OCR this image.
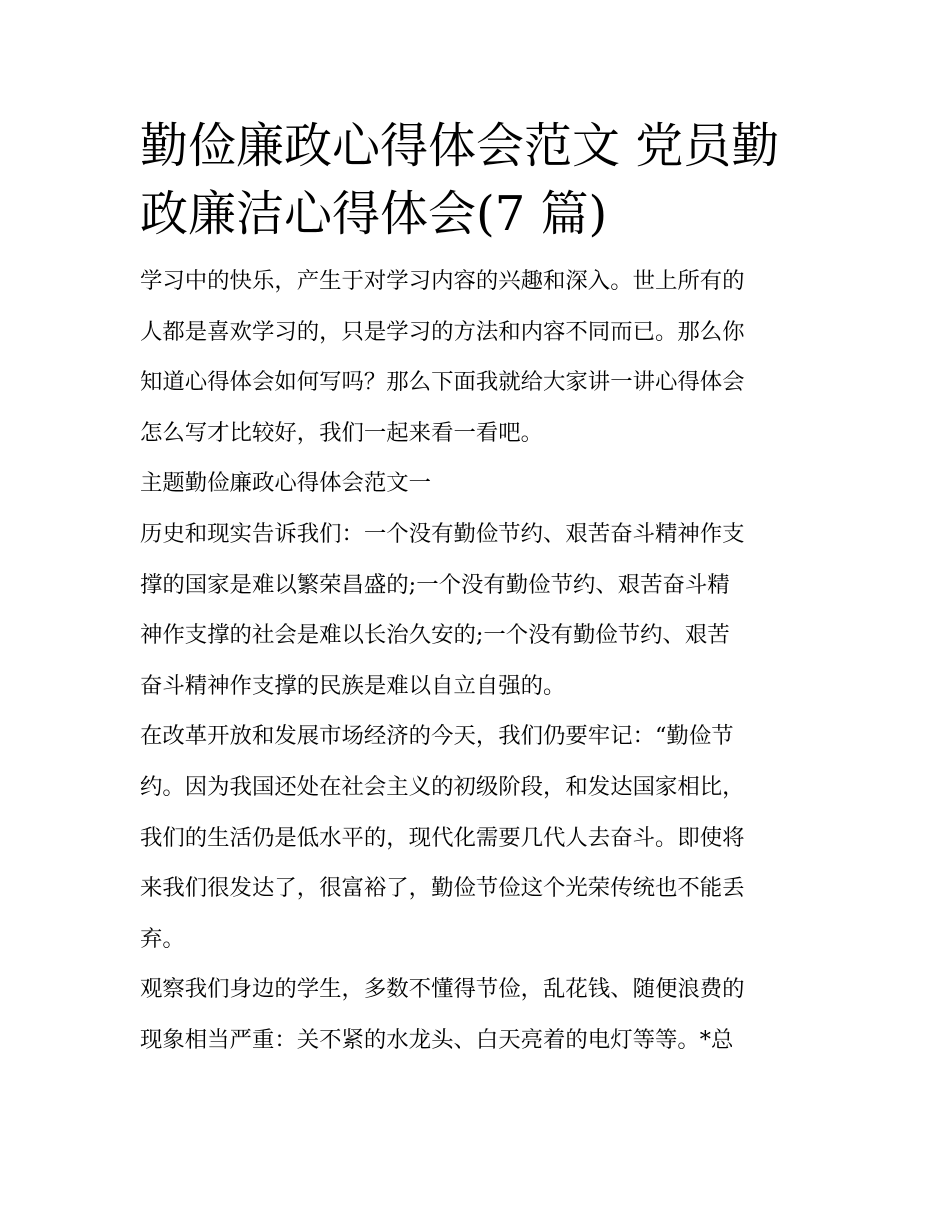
勤俭廉政心得体会范文 党员勤
政廉洁心得体会(7 篇)

学习中的快乐，产生于对学习内容的兴趣和深入。世上所有的
人都是喜欢学习的，只是学习的方法和内容不同而已。那么你
知道心得体会如何写吗？那么下面我就给大家讲一讲心得体会
怎么写才比较好，我们一起来看一看吧。

主题勤俭廉政心得体会范文一

历史和现实告诉我们：一个没有勤俭节约、艰苦奋斗精神作支
撑的国家是难以繁荣昌盛的;一个没有勤俭节约、艰苦奋斗精
神作支撑的社会是难以长治久安的;一个没有勤俭节约、艰苦
奋斗精神作支撑的民族是难以自立自强的。

在改革开放和发展市场经济的今天，我们仍要牢记：“勤俭节
约。因为我国还处在社会主义的初级阶段，和发达国家相比，
我们的生活仍是低水平的，现代化需要几代人去奋斗。即使将
来我们很发达了，很富裕了，勤俭节俭这个光荣传统也不能丢
弃。

观察我们身边的学生，多数不懂得节俭，乱花钱、随便浪费的
现象相当严重：关不紧的水龙头、白天亮着的电灯等等。*总
